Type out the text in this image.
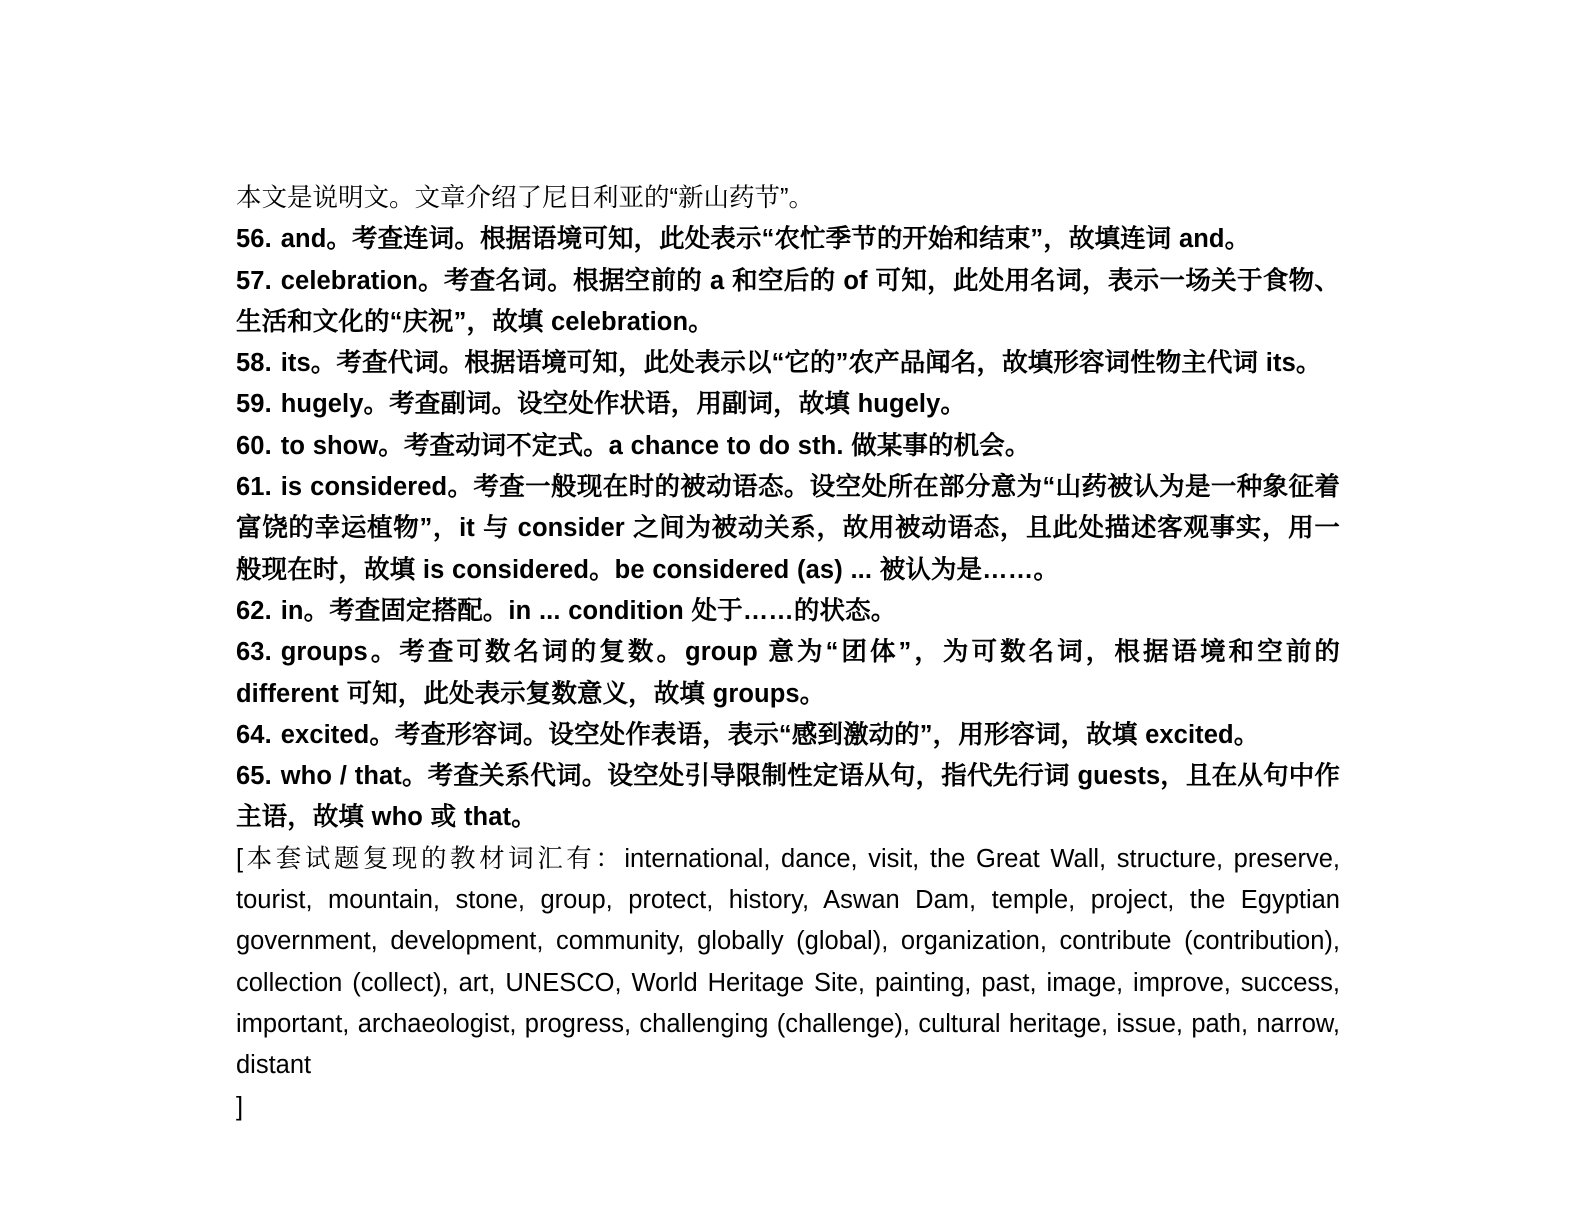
本文是说明文。文章介绍了尼日利亚的“新山药节”。

56. and。考查连词。根据语境可知，此处表示“农忙季节的开始和结束”，故填连词 and。

57. celebration。考查名词。根据空前的 a 和空后的 of 可知，此处用名词，表示一场关于食物、生活和文化的“庆祝”，故填 celebration。

58. its。考查代词。根据语境可知，此处表示以“它的”农产品闻名，故填形容词性物主代词 its。

59. hugely。考查副词。设空处作状语，用副词，故填 hugely。

60. to show。考查动词不定式。a chance to do sth. 做某事的机会。

61. is considered。考查一般现在时的被动语态。设空处所在部分意为“山药被认为是一种象征着富饶的幸运植物”，it 与 consider 之间为被动关系，故用被动语态，且此处描述客观事实，用一般现在时，故填 is considered。be considered (as) ... 被认为是……。

62. in。考查固定搭配。in ... condition 处于……的状态。

63. groups。考查可数名词的复数。group 意为“团体”，为可数名词，根据语境和空前的 different 可知，此处表示复数意义，故填 groups。

64. excited。考查形容词。设空处作表语，表示“感到激动的”，用形容词，故填 excited。

65. who / that。考查关系代词。设空处引导限制性定语从句，指代先行词 guests，且在从句中作主语，故填 who 或 that。

[本套试题复现的教材词汇有：international, dance, visit, the Great Wall, structure, preserve, tourist, mountain, stone, group, protect, history, Aswan Dam, temple, project, the Egyptian government, development, community, globally (global), organization, contribute (contribution), collection (collect), art, UNESCO, World Heritage Site, painting, past, image, improve, success, important, archaeologist, progress, challenging (challenge), cultural heritage, issue, path, narrow, distant

]
